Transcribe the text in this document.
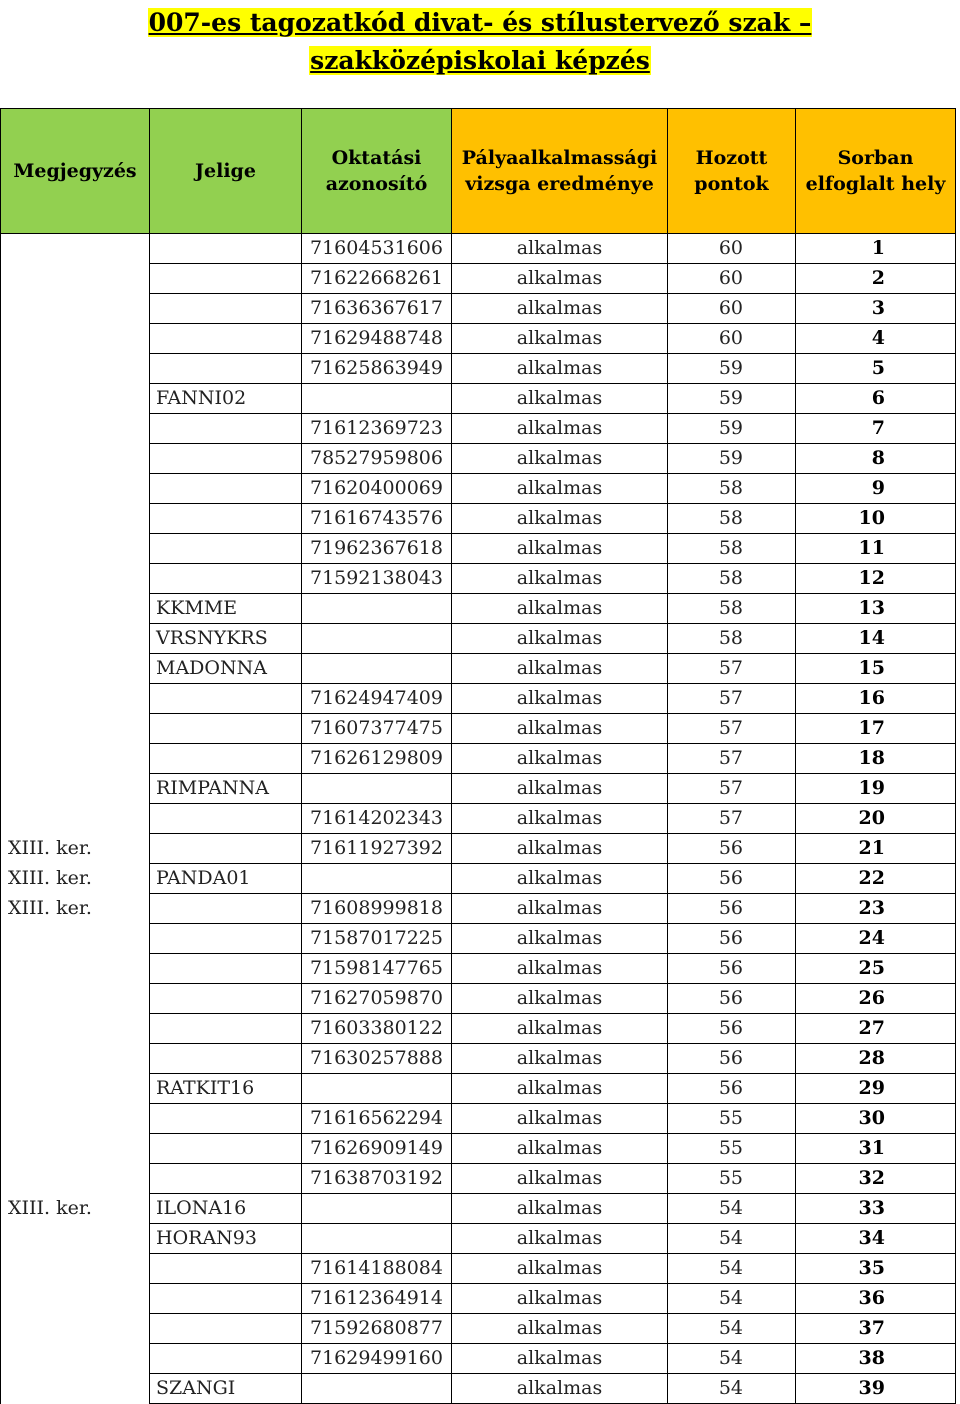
007-es tagozatkód divat- és stílustervező szak –
szakközépiskolai képzés
Megjegyzés	Jelige	Oktatási azonosító	Pályaalkalmassági vizsga eredménye	Hozott pontok	Sorban elfoglalt hely
		71604531606	alkalmas	60	1
		71622668261	alkalmas	60	2
		71636367617	alkalmas	60	3
		71629488748	alkalmas	60	4
		71625863949	alkalmas	59	5
	FANNI02		alkalmas	59	6
		71612369723	alkalmas	59	7
		78527959806	alkalmas	59	8
		71620400069	alkalmas	58	9
		71616743576	alkalmas	58	10
		71962367618	alkalmas	58	11
		71592138043	alkalmas	58	12
	KKMME		alkalmas	58	13
	VRSNYKRS		alkalmas	58	14
	MADONNA		alkalmas	57	15
		71624947409	alkalmas	57	16
		71607377475	alkalmas	57	17
		71626129809	alkalmas	57	18
	RIMPANNA		alkalmas	57	19
		71614202343	alkalmas	57	20
XIII. ker.		71611927392	alkalmas	56	21
XIII. ker.	PANDA01		alkalmas	56	22
XIII. ker.		71608999818	alkalmas	56	23
		71587017225	alkalmas	56	24
		71598147765	alkalmas	56	25
		71627059870	alkalmas	56	26
		71603380122	alkalmas	56	27
		71630257888	alkalmas	56	28
	RATKIT16		alkalmas	56	29
		71616562294	alkalmas	55	30
		71626909149	alkalmas	55	31
		71638703192	alkalmas	55	32
XIII. ker.	ILONA16		alkalmas	54	33
	HORAN93		alkalmas	54	34
		71614188084	alkalmas	54	35
		71612364914	alkalmas	54	36
		71592680877	alkalmas	54	37
		71629499160	alkalmas	54	38
	SZANGI		alkalmas	54	39
